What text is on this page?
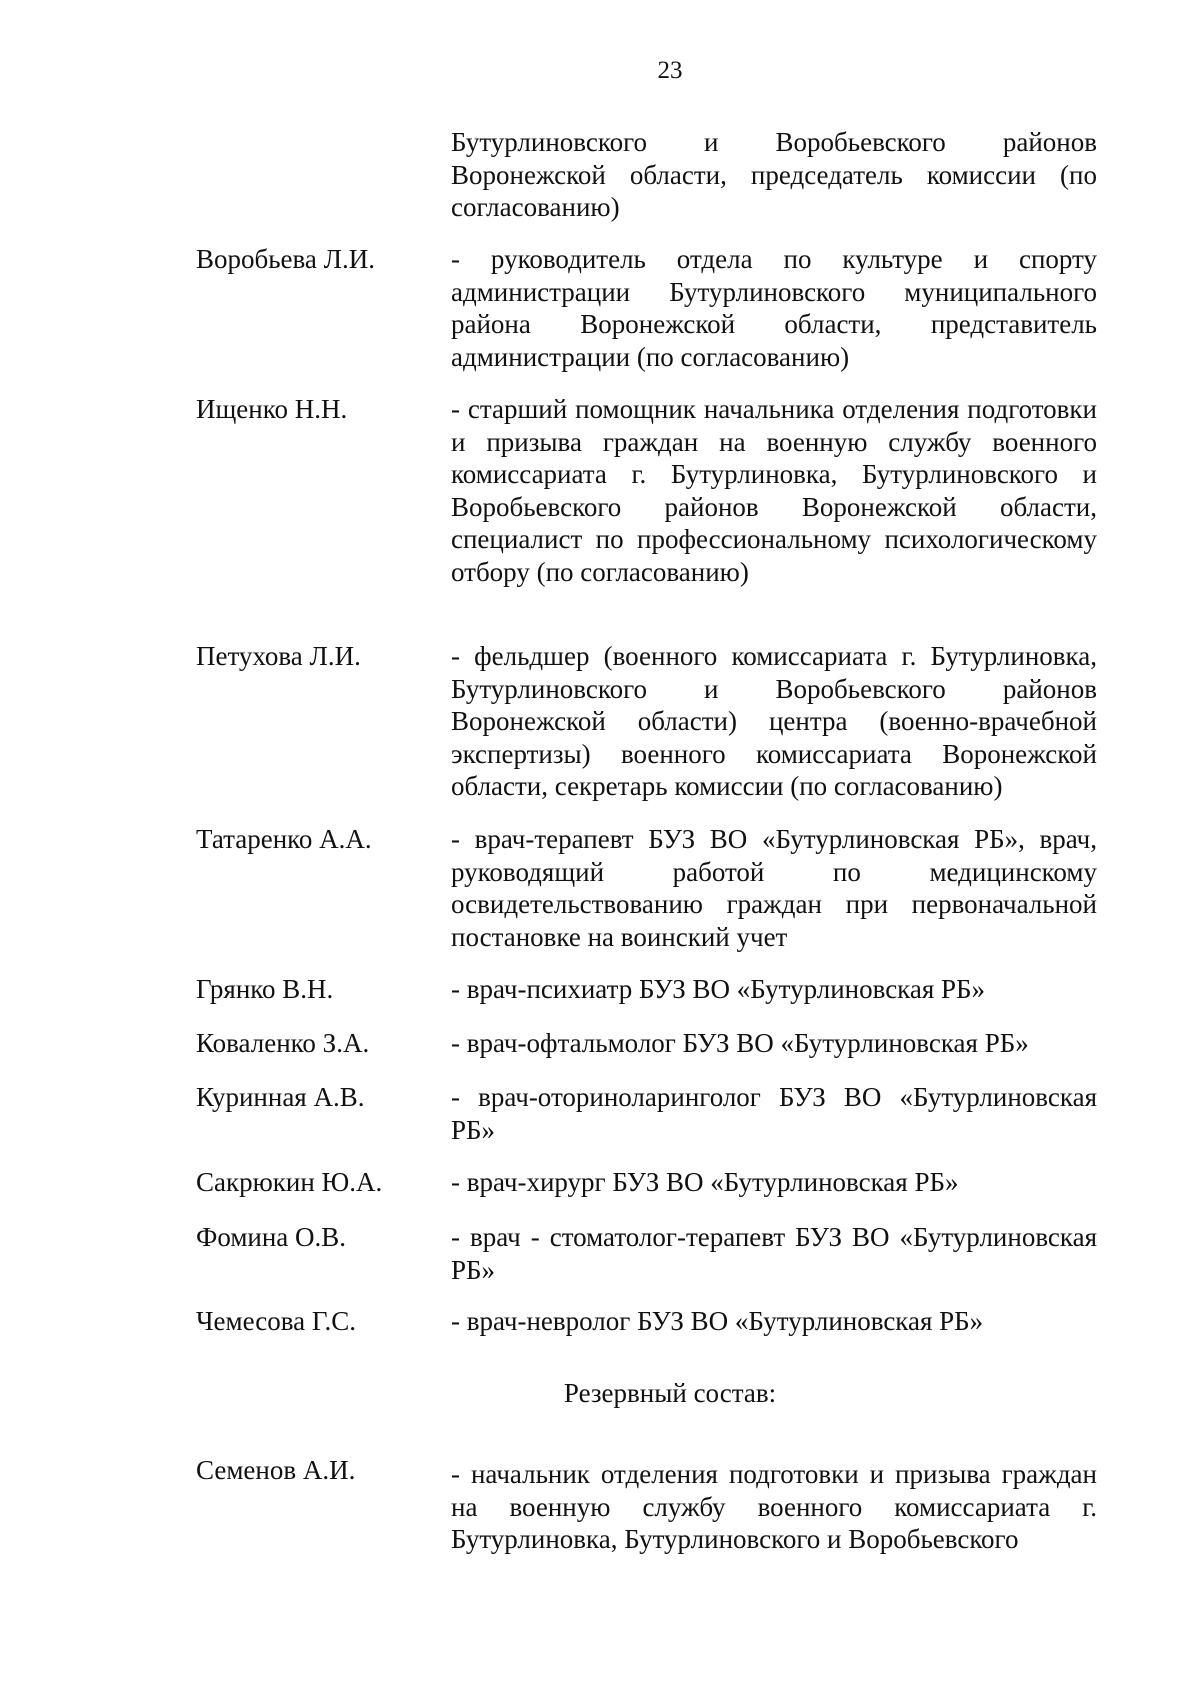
23
Бутурлиновского и Воробьевского районов Воронежской области, председатель комиссии (по согласованию)
Воробьева Л.И.	- руководитель отдела по культуре и спорту администрации Бутурлиновского муниципального района Воронежской области, представитель администрации (по согласованию)
Ищенко Н.Н.	- старший помощник начальника отделения подготовки и призыва граждан на военную службу военного комиссариата г. Бутурлиновка, Бутурлиновского и Воробьевского районов Воронежской области, специалист по профессиональному психологическому отбору (по согласованию)
Петухова Л.И.	- фельдшер (военного комиссариата г. Бутурлиновка, Бутурлиновского и Воробьевского районов Воронежской области) центра (военно-врачебной экспертизы) военного комиссариата Воронежской области, секретарь комиссии (по согласованию)
Татаренко А.А.	- врач-терапевт БУЗ ВО «Бутурлиновская РБ», врач, руководящий работой по медицинскому освидетельствованию граждан при первоначальной постановке на воинский учет
Грянко В.Н.	- врач-психиатр БУЗ ВО «Бутурлиновская РБ»
Коваленко З.А.	- врач-офтальмолог БУЗ ВО «Бутурлиновская РБ»
Куринная А.В.	- врач-оториноларинголог БУЗ ВО «Бутурлиновская РБ»
Сакрюкин Ю.А.	- врач-хирург БУЗ ВО «Бутурлиновская РБ»
Фомина О.В.	- врач - стоматолог-терапевт БУЗ ВО «Бутурлиновская РБ»
Чемесова Г.С.	- врач-невролог БУЗ ВО «Бутурлиновская РБ»
Резервный состав:
Семенов А.И.	- начальник отделения подготовки и призыва граждан на военную службу военного комиссариата г. Бутурлиновка, Бутурлиновского и Воробьевского
